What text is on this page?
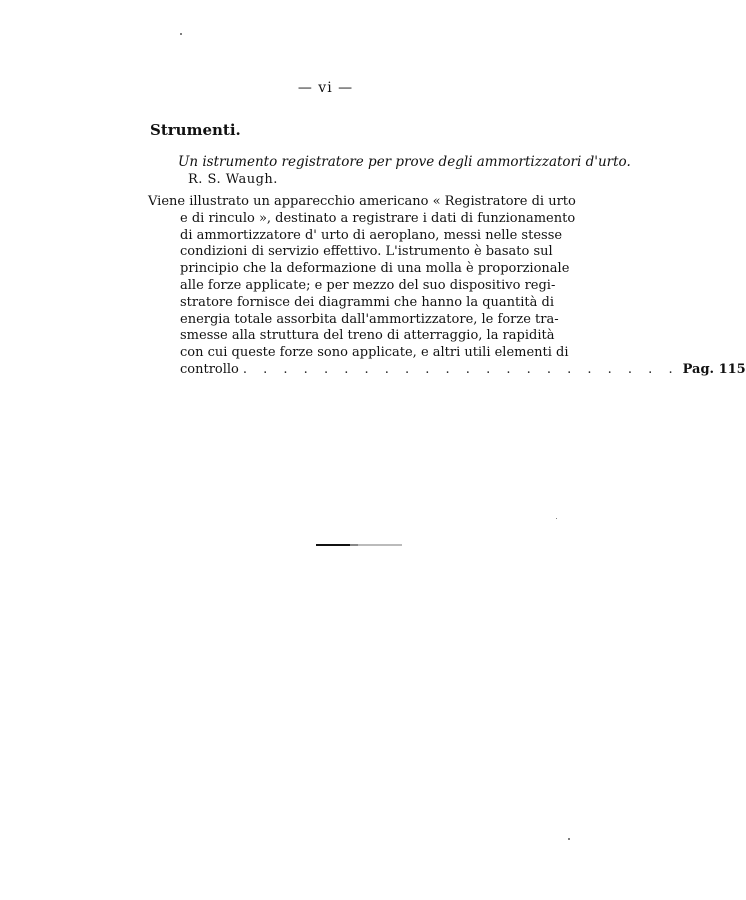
— vi —
Strumenti.
Un istrumento registratore per prove degli ammortizzatori d'urto.
R. S. Waugh.
Viene illustrato un apparecchio americano « Registratore di urto
e di rinculo », destinato a registrare i dati di funzionamento
di ammortizzatore d' urto di aeroplano, messi nelle stesse
condizioni di servizio effettivo. L'istrumento è basato sul
principio che la deformazione di una molla è proporzionale
alle forze applicate; e per mezzo del suo dispositivo regi-
stratore fornisce dei diagrammi che hanno la quantità di
energia totale assorbita dall'ammortizzatore, le forze tra-
smesse alla struttura del treno di atterraggio, la rapidità
con cui queste forze sono applicate, e altri utili elementi di
controllo . . . . . . . . . . . . . . . . . . . . . . Pag. 115
